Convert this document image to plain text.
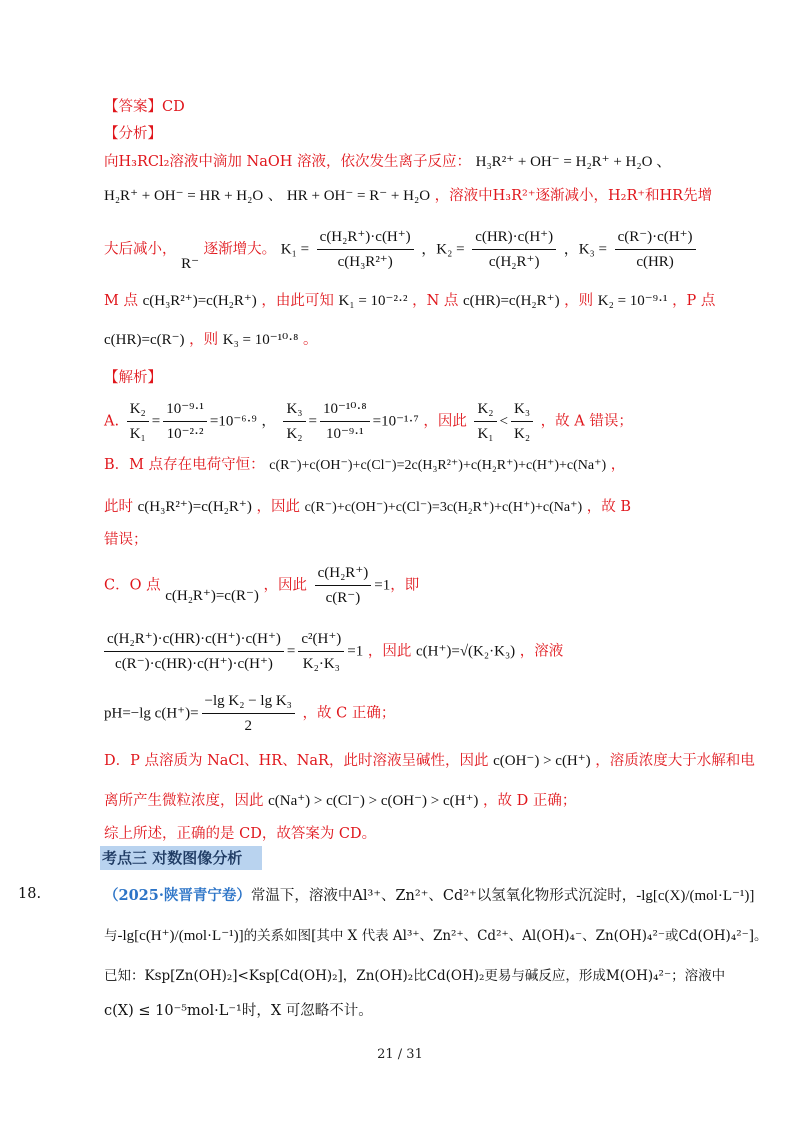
【答案】CD
【分析】
向H₃RCl₂溶液中滴加 NaOH 溶液，依次发生离子反应： H₃R²⁺ + OH⁻ = H₂R⁺ + H₂O 、
H₂R⁺ + OH⁻ = HR + H₂O 、 HR + OH⁻ = R⁻ + H₂O ，溶液中H₃R²⁺逐渐减小，H₂R⁺和HR先增
大后减小， R⁻ 逐渐增大。 $K_1 = \frac{\text{c(H₂R⁺)·c(H⁺)}}{\text{c(H₃R²⁺)}}$ ，$K_2 = \frac{c(HR)\cdot c(H^+)}{\text{c(H₂R⁺)}}$ ，$K_3 = \frac{c(R^-)\cdot c(H^+)}{c(HR)}$
M 点 c(H₃R²⁺)=c(H₂R⁺) ，由此可知 K₁ = 10⁻²·² ，N 点 c(HR)=c(H₂R⁺) ，则 K₂ = 10⁻⁹·¹ ，P 点
c(HR)=c(R⁻) ，则 K₃ = 10⁻¹⁰·⁸ 。
【解析】
A. $\frac{\text{K₂}}{\text{K₁}} = \frac{\text{10⁻⁹·¹}}{\text{10⁻²·²}} =10^{-6}\cdot^9$ ， $\frac{\text{K₃}}{\text{K₂}} = \frac{\text{10⁻¹⁰·⁸}}{\text{10⁻⁹·¹}} =10^{-1}\cdot^7$ ，因此 $\frac{\text{K₂}}{\text{K₁}} < \frac{\text{K₃}}{\text{K₂}}$ ，故 A 错误；
B．M 点存在电荷守恒： c(R⁻)+c(OH⁻)+c(Cl⁻)=2c(H₃R²⁺)+c(H₂R⁺)+c(H⁺)+c(Na⁺) ，
此时 c(H₃R²⁺)=c(H₂R⁺) ，因此 c(R⁻)+c(OH⁻)+c(Cl⁻)=3c(H₂R⁺)+c(H⁺)+c(Na⁺) ，故 B
错误；
C．O 点 c(H₂R⁺)=c(R⁻) ，因此 $\frac{\text{c(H₂R⁺)}}{c(R^-)} =1$，即
$\frac{\text{c(H₂R⁺)·c(HR)·c(H⁺)·c(H⁺)}}{c(R^-)\cdot c(HR)\cdot c(H^+)\cdot c(H^+)} = \frac{\text{c²(H⁺)}}{\text{K₂·K₃}} =1$ ，因此 c(H⁺)=√(K₂·K₃) ，溶液
pH=−lg $c(H^+)= \frac{\text{−lg K₂ − lg K₃}}{2}$ ，故 C 正确；
D．P 点溶质为 NaCl、HR、NaR，此时溶液呈碱性，因此 c(OH⁻) > c(H⁺) ，溶质浓度大于水解和电
离所产生微粒浓度，因此 c(Na⁺) > c(Cl⁻) > c(OH⁻) > c(H⁺) ，故 D 正确；
综上所述，正确的是 CD，故答案为 CD。
考点三 对数图像分析
18.	（2025·陕晋青宁卷）常温下，溶液中Al³⁺、Zn²⁺、Cd²⁺以氢氧化物形式沉淀时，-lg[c(X)/(mol·L⁻¹)]
与-lg[c(H⁺)/(mol·L⁻¹)]的关系如图[其中 X 代表 Al³⁺、Zn²⁺、Cd²⁺、Al(OH)₄⁻、Zn(OH)₄²⁻或Cd(OH)₄²⁻]。
已知：Ksp[Zn(OH)₂]<Ksp[Cd(OH)₂]，Zn(OH)₂比Cd(OH)₂更易与碱反应，形成M(OH)₄²⁻；溶液中
c(X) ≤ 10⁻⁵mol·L⁻¹时，X 可忽略不计。
21 / 31
